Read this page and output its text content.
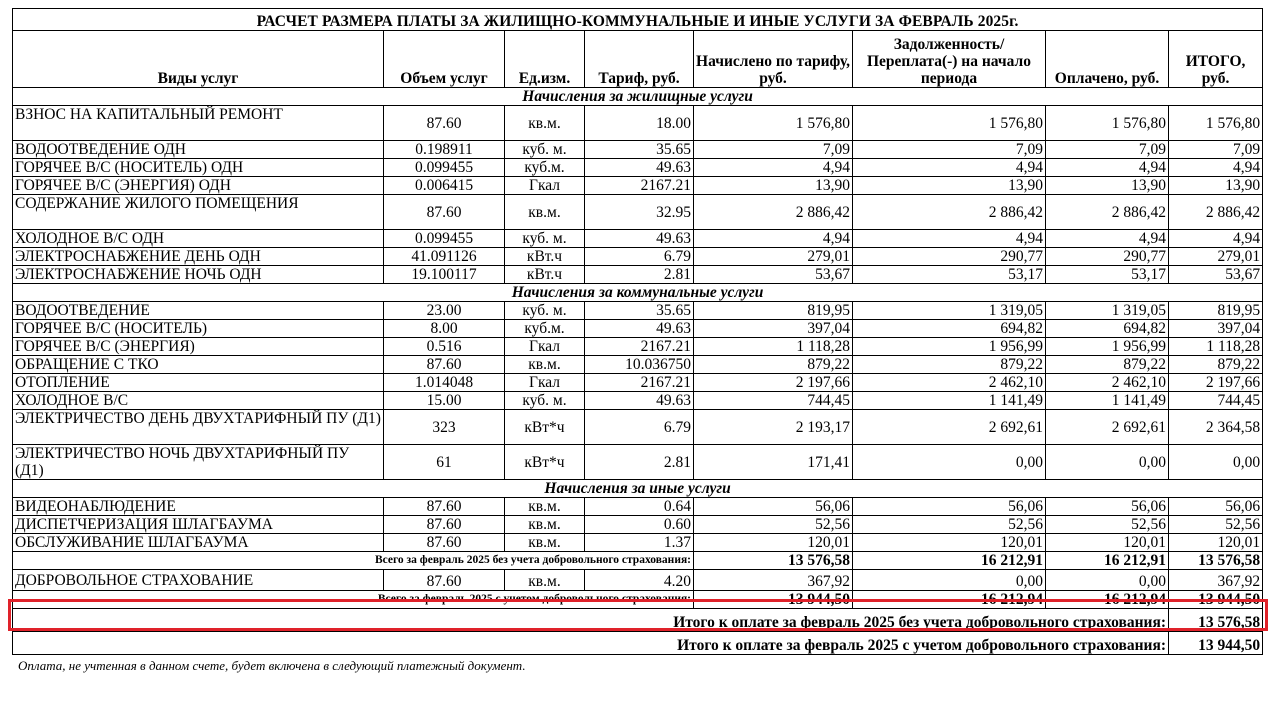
РАСЧЕТ РАЗМЕРА ПЛАТЫ ЗА ЖИЛИЩНО-КОММУНАЛЬНЫЕ И ИНЫЕ УСЛУГИ ЗА ФЕВРАЛЬ 2025г.							
Виды услуг	Объем услуг	Ед.изм.	Тариф, руб.	Начислено по тарифу, руб.	Задолженность/ Переплата(-) на начало периода	Оплачено, руб.	ИТОГО, руб.
Начисления за жилищные услуги							
ВЗНОС НА КАПИТАЛЬНЫЙ РЕМОНТ	87.60	кв.м.	18.00	1 576,80	1 576,80	1 576,80	1 576,80
ВОДООТВЕДЕНИЕ ОДН	0.198911	куб. м.	35.65	7,09	7,09	7,09	7,09
ГОРЯЧЕЕ В/С (НОСИТЕЛЬ) ОДН	0.099455	куб.м.	49.63	4,94	4,94	4,94	4,94
ГОРЯЧЕЕ В/С (ЭНЕРГИЯ) ОДН	0.006415	Гкал	2167.21	13,90	13,90	13,90	13,90
СОДЕРЖАНИЕ ЖИЛОГО ПОМЕЩЕНИЯ	87.60	кв.м.	32.95	2 886,42	2 886,42	2 886,42	2 886,42
ХОЛОДНОЕ В/С ОДН	0.099455	куб. м.	49.63	4,94	4,94	4,94	4,94
ЭЛЕКТРОСНАБЖЕНИЕ ДЕНЬ ОДН	41.091126	кВт.ч	6.79	279,01	290,77	290,77	279,01
ЭЛЕКТРОСНАБЖЕНИЕ НОЧЬ ОДН	19.100117	кВт.ч	2.81	53,67	53,17	53,17	53,67
Начисления за коммунальные услуги							
ВОДООТВЕДЕНИЕ	23.00	куб. м.	35.65	819,95	1 319,05	1 319,05	819,95
ГОРЯЧЕЕ В/С (НОСИТЕЛЬ)	8.00	куб.м.	49.63	397,04	694,82	694,82	397,04
ГОРЯЧЕЕ В/С (ЭНЕРГИЯ)	0.516	Гкал	2167.21	1 118,28	1 956,99	1 956,99	1 118,28
ОБРАЩЕНИЕ С ТКО	87.60	кв.м.	10.036750	879,22	879,22	879,22	879,22
ОТОПЛЕНИЕ	1.014048	Гкал	2167.21	2 197,66	2 462,10	2 462,10	2 197,66
ХОЛОДНОЕ В/С	15.00	куб. м.	49.63	744,45	1 141,49	1 141,49	744,45
ЭЛЕКТРИЧЕСТВО ДЕНЬ ДВУХТАРИФНЫЙ ПУ (Д1)	323	кВт*ч	6.79	2 193,17	2 692,61	2 692,61	2 364,58
ЭЛЕКТРИЧЕСТВО НОЧЬ ДВУХТАРИФНЫЙ ПУ (Д1)	61	кВт*ч	2.81	171,41	0,00	0,00	0,00
Начисления за иные услуги							
ВИДЕОНАБЛЮДЕНИЕ	87.60	кв.м.	0.64	56,06	56,06	56,06	56,06
ДИСПЕТЧЕРИЗАЦИЯ ШЛАГБАУМА	87.60	кв.м.	0.60	52,56	52,56	52,56	52,56
ОБСЛУЖИВАНИЕ ШЛАГБАУМА	87.60	кв.м.	1.37	120,01	120,01	120,01	120,01
Всего за февраль 2025 без учета добровольного страхования:				13 576,58	16 212,91	16 212,91	13 576,58
ДОБРОВОЛЬНОЕ СТРАХОВАНИЕ	87.60	кв.м.	4.20	367,92	0,00	0,00	367,92
Всего за февраль 2025 с учетом добровольного страхования:				13 944,50	16 212,94	16 212,94	13 944,50
Итого к оплате за февраль 2025 без учета добровольного страхования:							13 576,58
Итого к оплате за февраль 2025 с учетом добровольного страхования:							13 944,50
Оплата, не учтенная в данном счете, будет включена в следующий платежный документ.
